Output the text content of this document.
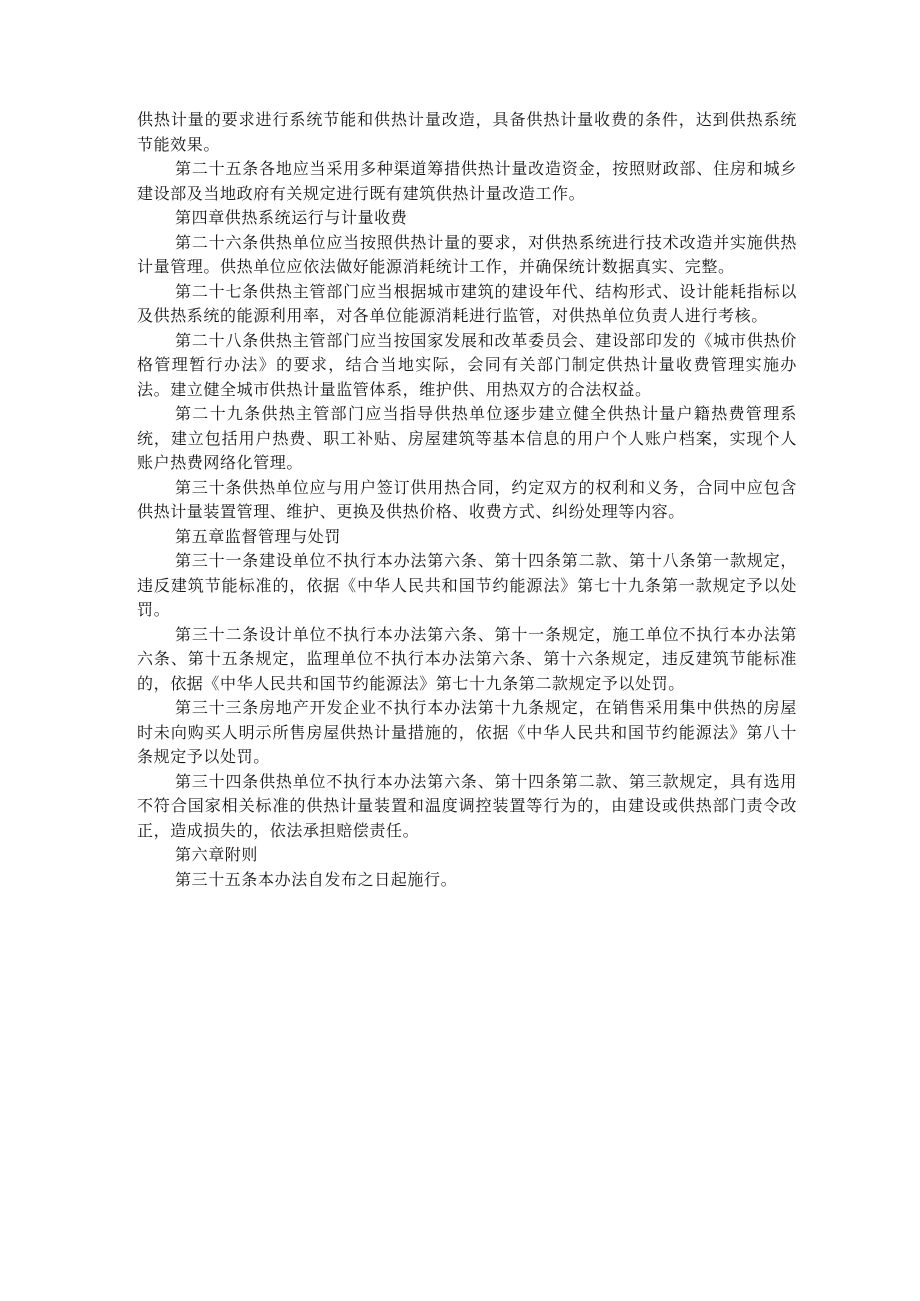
供热计量的要求进行系统节能和供热计量改造，具备供热计量收费的条件，达到供热系统节能效果。

第二十五条各地应当采用多种渠道筹措供热计量改造资金，按照财政部、住房和城乡建设部及当地政府有关规定进行既有建筑供热计量改造工作。

第四章供热系统运行与计量收费

第二十六条供热单位应当按照供热计量的要求，对供热系统进行技术改造并实施供热计量管理。供热单位应依法做好能源消耗统计工作，并确保统计数据真实、完整。

第二十七条供热主管部门应当根据城市建筑的建设年代、结构形式、设计能耗指标以及供热系统的能源利用率，对各单位能源消耗进行监管，对供热单位负责人进行考核。

第二十八条供热主管部门应当按国家发展和改革委员会、建设部印发的《城市供热价格管理暂行办法》的要求，结合当地实际，会同有关部门制定供热计量收费管理实施办法。建立健全城市供热计量监管体系，维护供、用热双方的合法权益。

第二十九条供热主管部门应当指导供热单位逐步建立健全供热计量户籍热费管理系统，建立包括用户热费、职工补贴、房屋建筑等基本信息的用户个人账户档案，实现个人账户热费网络化管理。

第三十条供热单位应与用户签订供用热合同，约定双方的权利和义务，合同中应包含供热计量装置管理、维护、更换及供热价格、收费方式、纠纷处理等内容。

第五章监督管理与处罚

第三十一条建设单位不执行本办法第六条、第十四条第二款、第十八条第一款规定，违反建筑节能标准的，依据《中华人民共和国节约能源法》第七十九条第一款规定予以处罚。

第三十二条设计单位不执行本办法第六条、第十一条规定，施工单位不执行本办法第六条、第十五条规定，监理单位不执行本办法第六条、第十六条规定，违反建筑节能标准的，依据《中华人民共和国节约能源法》第七十九条第二款规定予以处罚。

第三十三条房地产开发企业不执行本办法第十九条规定，在销售采用集中供热的房屋时未向购买人明示所售房屋供热计量措施的，依据《中华人民共和国节约能源法》第八十条规定予以处罚。

第三十四条供热单位不执行本办法第六条、第十四条第二款、第三款规定，具有选用不符合国家相关标准的供热计量装置和温度调控装置等行为的，由建设或供热部门责令改正，造成损失的，依法承担赔偿责任。

第六章附则

第三十五条本办法自发布之日起施行。
